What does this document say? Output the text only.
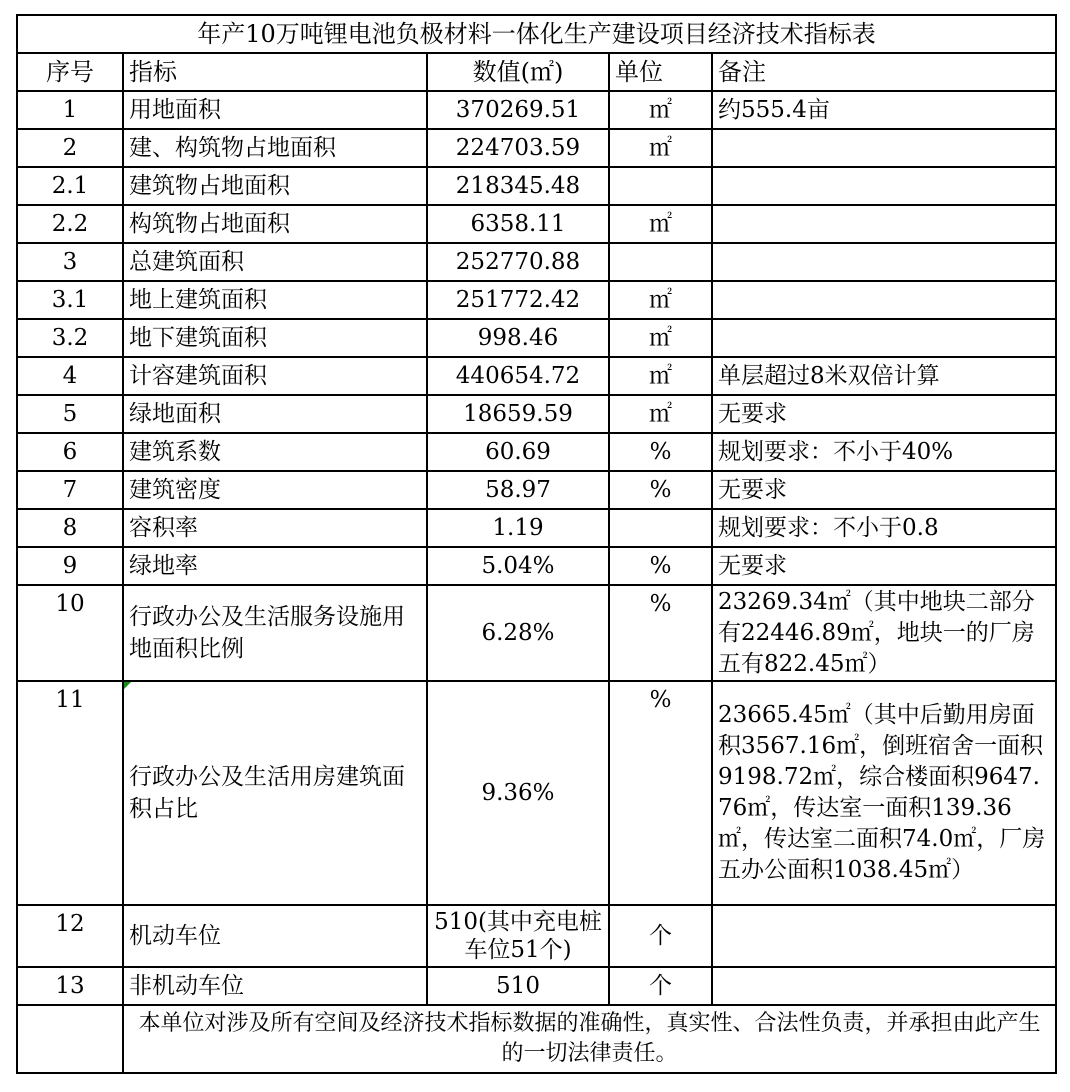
年产10万吨锂电池负极材料一体化生产建设项目经济技术指标表				
序号	指标	数值(㎡)	单位	备注
1	用地面积	370269.51	㎡	约555.4亩
2	建、构筑物占地面积	224703.59	㎡	
2.1	建筑物占地面积	218345.48		
2.2	构筑物占地面积	6358.11	㎡	
3	总建筑面积	252770.88		
3.1	地上建筑面积	251772.42	㎡	
3.2	地下建筑面积	998.46	㎡	
4	计容建筑面积	440654.72	㎡	单层超过8米双倍计算
5	绿地面积	18659.59	㎡	无要求
6	建筑系数	60.69	%	规划要求：不小于40%
7	建筑密度	58.97	%	无要求
8	容积率	1.19		规划要求：不小于0.8
9	绿地率	5.04%	%	无要求
10	行政办公及生活服务设施用地面积比例	6.28%	%	23269.34㎡（其中地块二部分有22446.89㎡，地块一的厂房五有822.45㎡）
11	行政办公及生活用房建筑面积占比	9.36%	%	23665.45㎡（其中后勤用房面积3567.16㎡，倒班宿舍一面积9198.72㎡，综合楼面积9647.76㎡，传达室一面积139.36㎡，传达室二面积74.0㎡，厂房五办公面积1038.45㎡）
12	机动车位	510(其中充电桩车位51个)	个	
13	非机动车位	510	个	
	本单位对涉及所有空间及经济技术指标数据的准确性，真实性、合法性负责，并承担由此产生的一切法律责任。			
